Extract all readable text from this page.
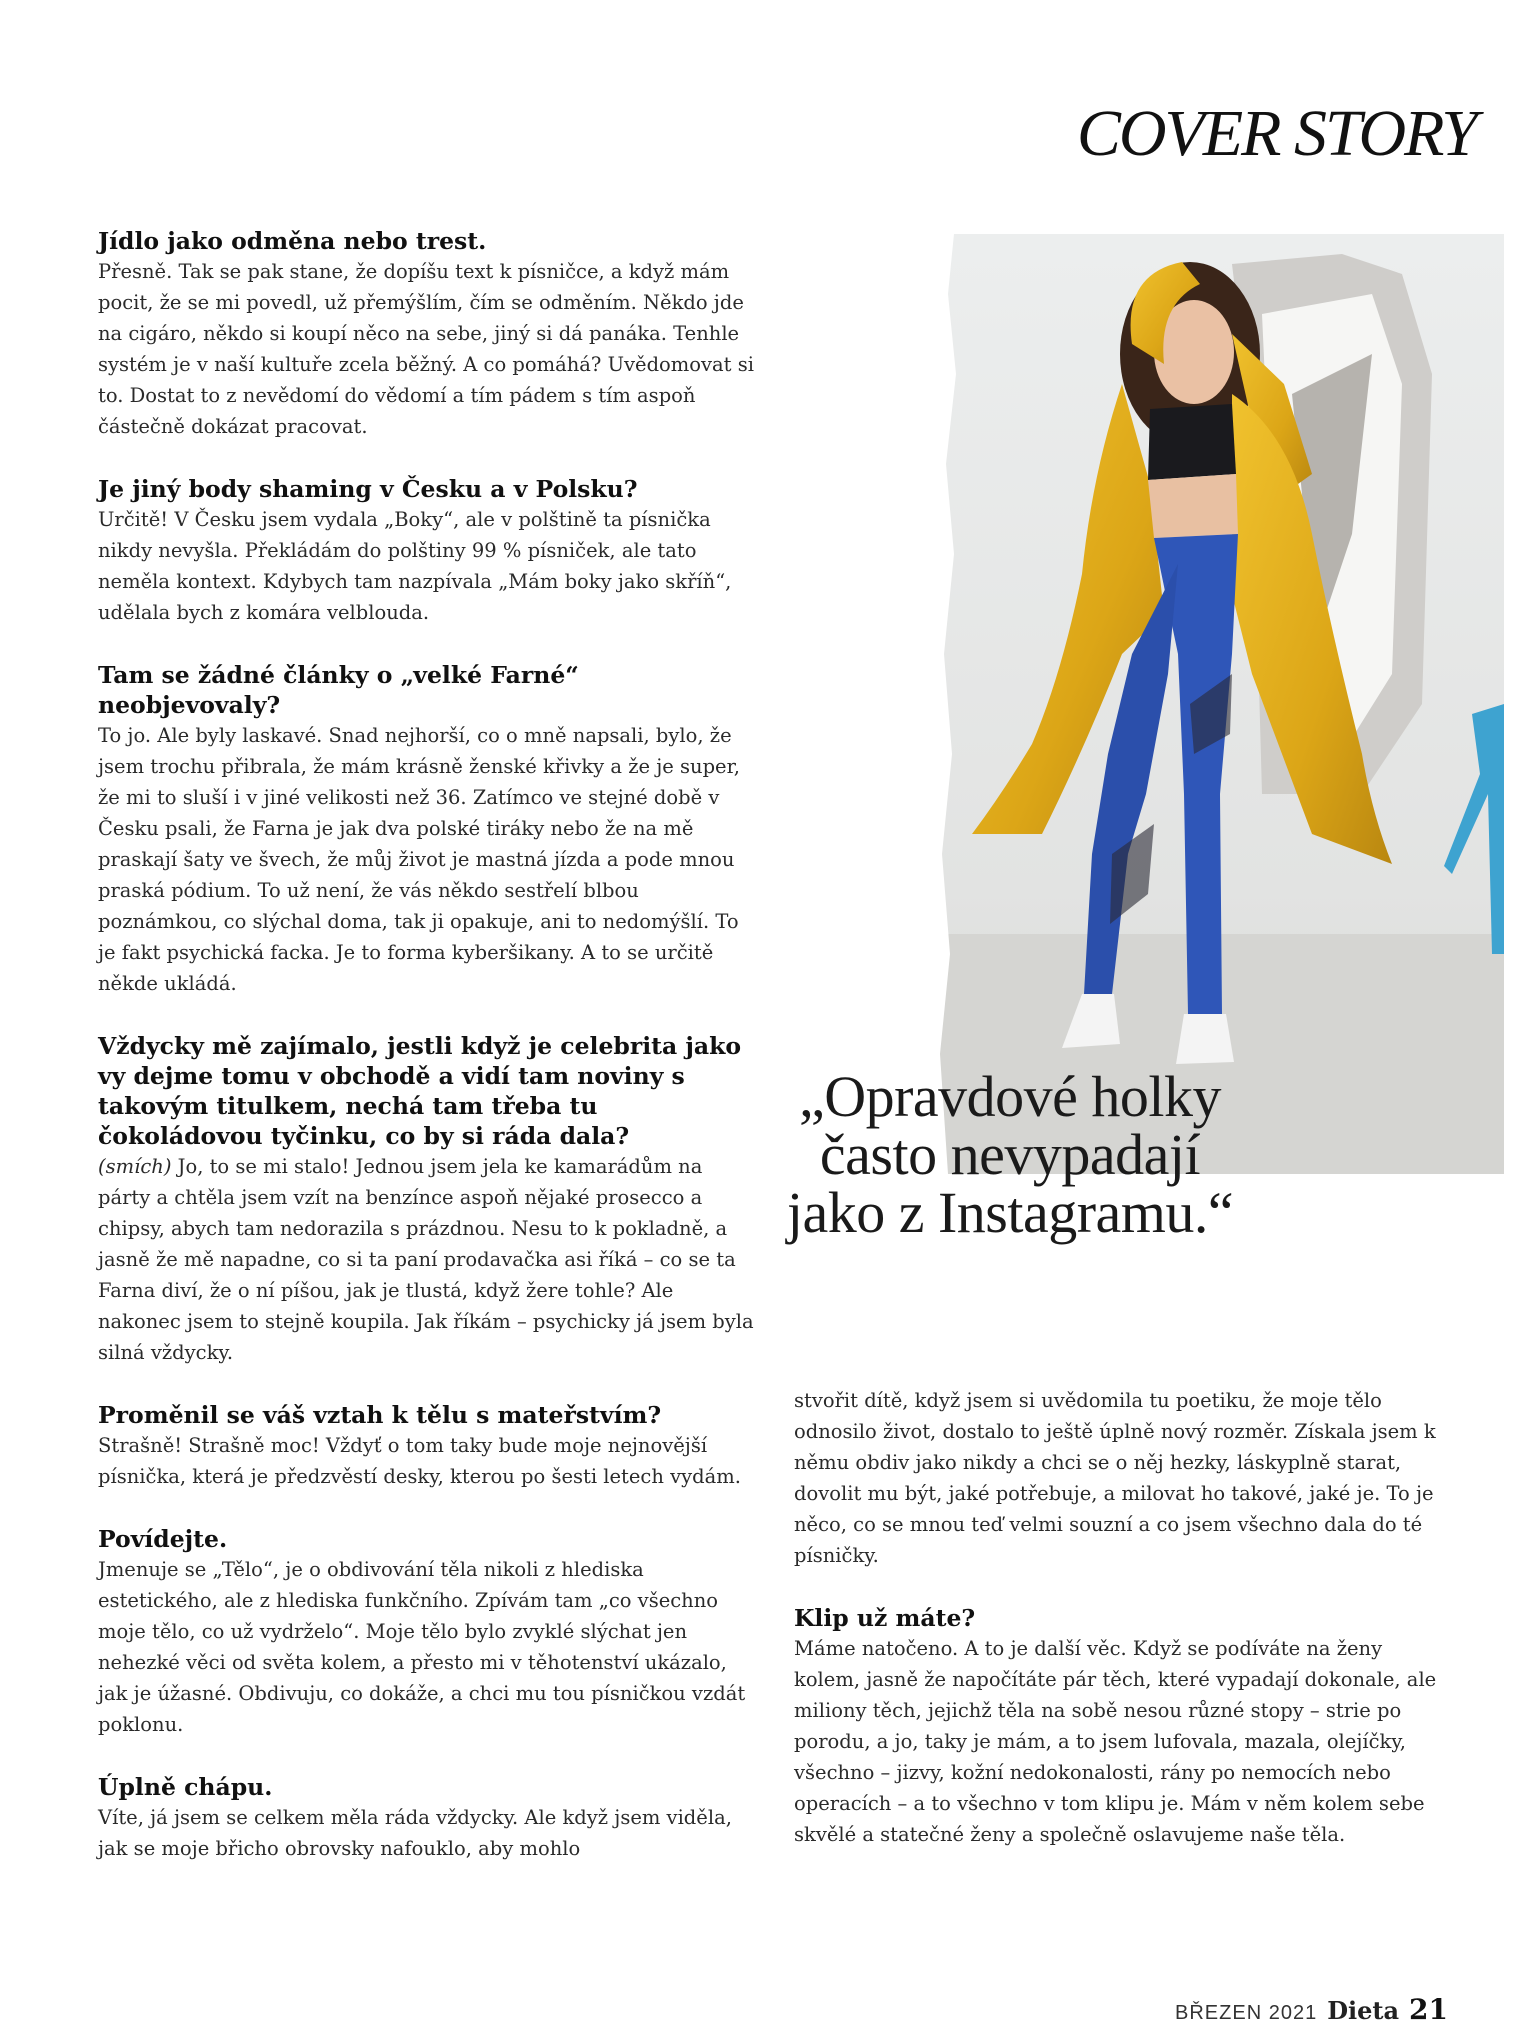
COVER STORY

Jídlo jako odměna nebo trest.

Přesně. Tak se pak stane, že dopíšu text k písničce, a když mám pocit, že se mi povedl, už přemýšlím, čím se odměním. Někdo jde na cigáro, někdo si koupí něco na sebe, jiný si dá panáka. Tenhle systém je v naší kultuře zcela běžný. A co pomáhá? Uvědomovat si to. Dostat to z nevědomí do vědomí a tím pádem s tím aspoň částečně dokázat pracovat.

Je jiný body shaming v Česku a v Polsku?

Určitě! V Česku jsem vydala „Boky“, ale v polštině ta písnička nikdy nevyšla. Překládám do polštiny 99 % písniček, ale tato neměla kontext. Kdybych tam nazpívala „Mám boky jako skříň“, udělala bych z komára velblouda.

Tam se žádné články o „velké Farné“ neobjevovaly?

To jo. Ale byly laskavé. Snad nejhorší, co o mně napsali, bylo, že jsem trochu přibrala, že mám krásně ženské křivky a že je super, že mi to sluší i v jiné velikosti než 36. Zatímco ve stejné době v Česku psali, že Farna je jak dva polské tiráky nebo že na mě praskají šaty ve švech, že můj život je mastná jízda a pode mnou praská pódium. To už není, že vás někdo sestřelí blbou poznámkou, co slýchal doma, tak ji opakuje, ani to nedomýšlí. To je fakt psychická facka. Je to forma kyberšikany. A to se určitě někde ukládá.

Vždycky mě zajímalo, jestli když je celebrita jako vy dejme tomu v obchodě a vidí tam noviny s takovým titulkem, nechá tam třeba tu čokoládovou tyčinku, co by si ráda dala?

(smích) Jo, to se mi stalo! Jednou jsem jela ke kamarádům na párty a chtěla jsem vzít na benzínce aspoň nějaké prosecco a chipsy, abych tam nedorazila s prázdnou. Nesu to k pokladně, a jasně že mě napadne, co si ta paní prodavačka asi říká – co se ta Farna diví, že o ní píšou, jak je tlustá, když žere tohle? Ale nakonec jsem to stejně koupila. Jak říkám – psychicky já jsem byla silná vždycky.

Proměnil se váš vztah k tělu s mateřstvím?

Strašně! Strašně moc! Vždyť o tom taky bude moje nejnovější písnička, která je předzvěstí desky, kterou po šesti letech vydám.

Povídejte.

Jmenuje se „Tělo“, je o obdivování těla nikoli z hlediska estetického, ale z hlediska funkčního. Zpívám tam „co všechno moje tělo, co už vydrželo“. Moje tělo bylo zvyklé slýchat jen nehezké věci od světa kolem, a přesto mi v těhotenství ukázalo, jak je úžasné. Obdivuju, co dokáže, a chci mu tou písničkou vzdát poklonu.

Úplně chápu.

Víte, já jsem se celkem měla ráda vždycky. Ale když jsem viděla, jak se moje břicho obrovsky nafouklo, aby mohlo

„Opravdové holky často nevypadají jako z Instagramu.“

stvořit dítě, když jsem si uvědomila tu poetiku, že moje tělo odnosilo život, dostalo to ještě úplně nový rozměr. Získala jsem k němu obdiv jako nikdy a chci se o něj hezky, láskyplně starat, dovolit mu být, jaké potřebuje, a milovat ho takové, jaké je. To je něco, co se mnou teď velmi souzní a co jsem všechno dala do té písničky.

Klip už máte?

Máme natočeno. A to je další věc. Když se podíváte na ženy kolem, jasně že napočítáte pár těch, které vypadají dokonale, ale miliony těch, jejichž těla na sobě nesou různé stopy – strie po porodu, a jo, taky je mám, a to jsem lufovala, mazala, olejíčky, všechno – jizvy, kožní nedokonalosti, rány po nemocích nebo operacích – a to všechno v tom klipu je. Mám v něm kolem sebe skvělé a statečné ženy a společně oslavujeme naše těla.

BŘEZEN 2021 Dieta 21
